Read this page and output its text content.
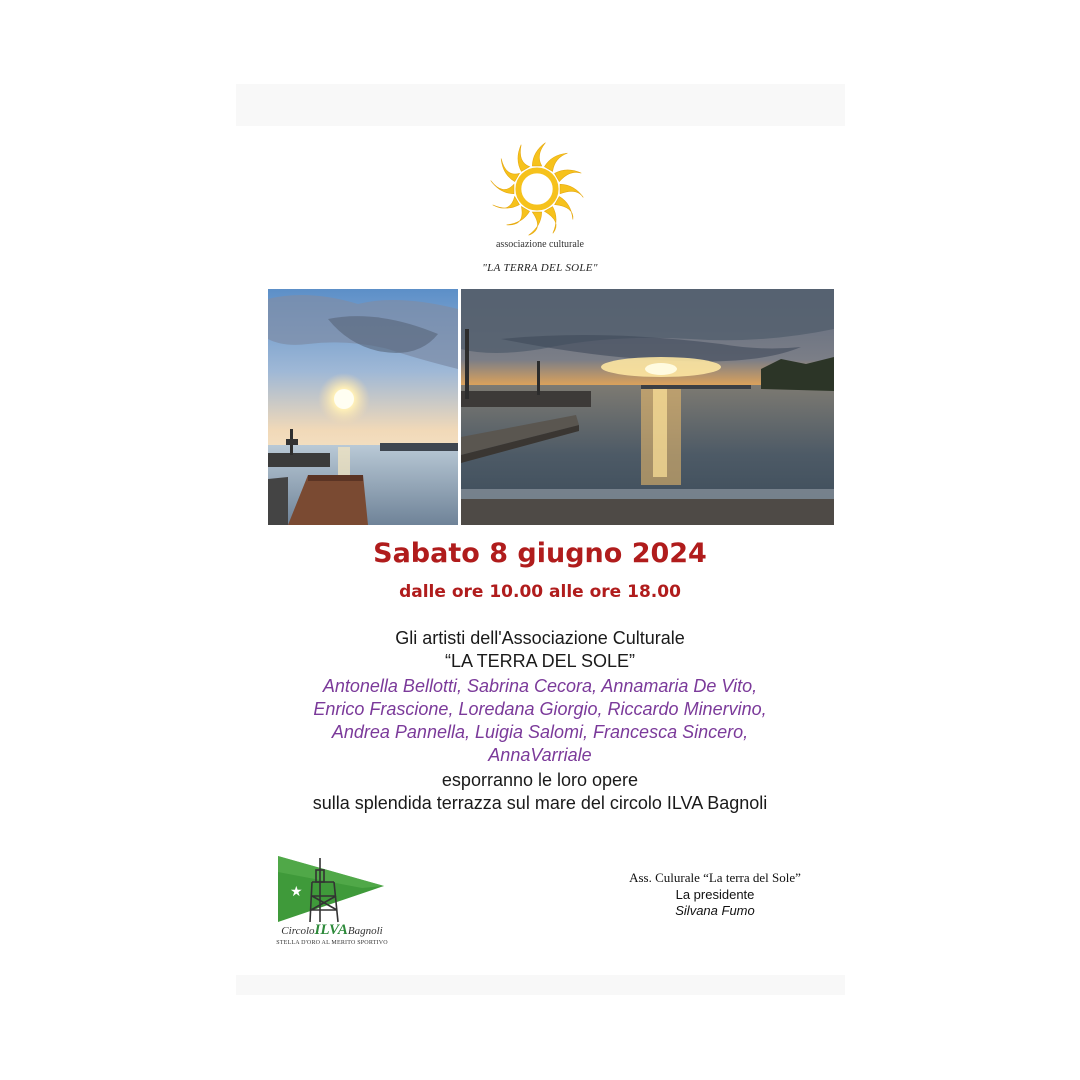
associazione culturale
"LA TERRA DEL SOLE"
Sabato 8 giugno 2024
dalle ore 10.00 alle ore 18.00
Gli artisti dell'Associazione Culturale
“LA TERRA DEL SOLE”
Antonella Bellotti, Sabrina Cecora, Annamaria De Vito,
Enrico Frascione, Loredana Giorgio, Riccardo Minervino,
Andrea Pannella, Luigia Salomi, Francesca Sincero,
AnnaVarriale
esporranno le loro opere
sulla splendida terrazza sul mare del circolo ILVA Bagnoli
★
CircoloILVABagnoli
STELLA D'ORO AL MERITO SPORTIVO
Ass. Culurale “La terra del Sole”
La presidente
Silvana Fumo
